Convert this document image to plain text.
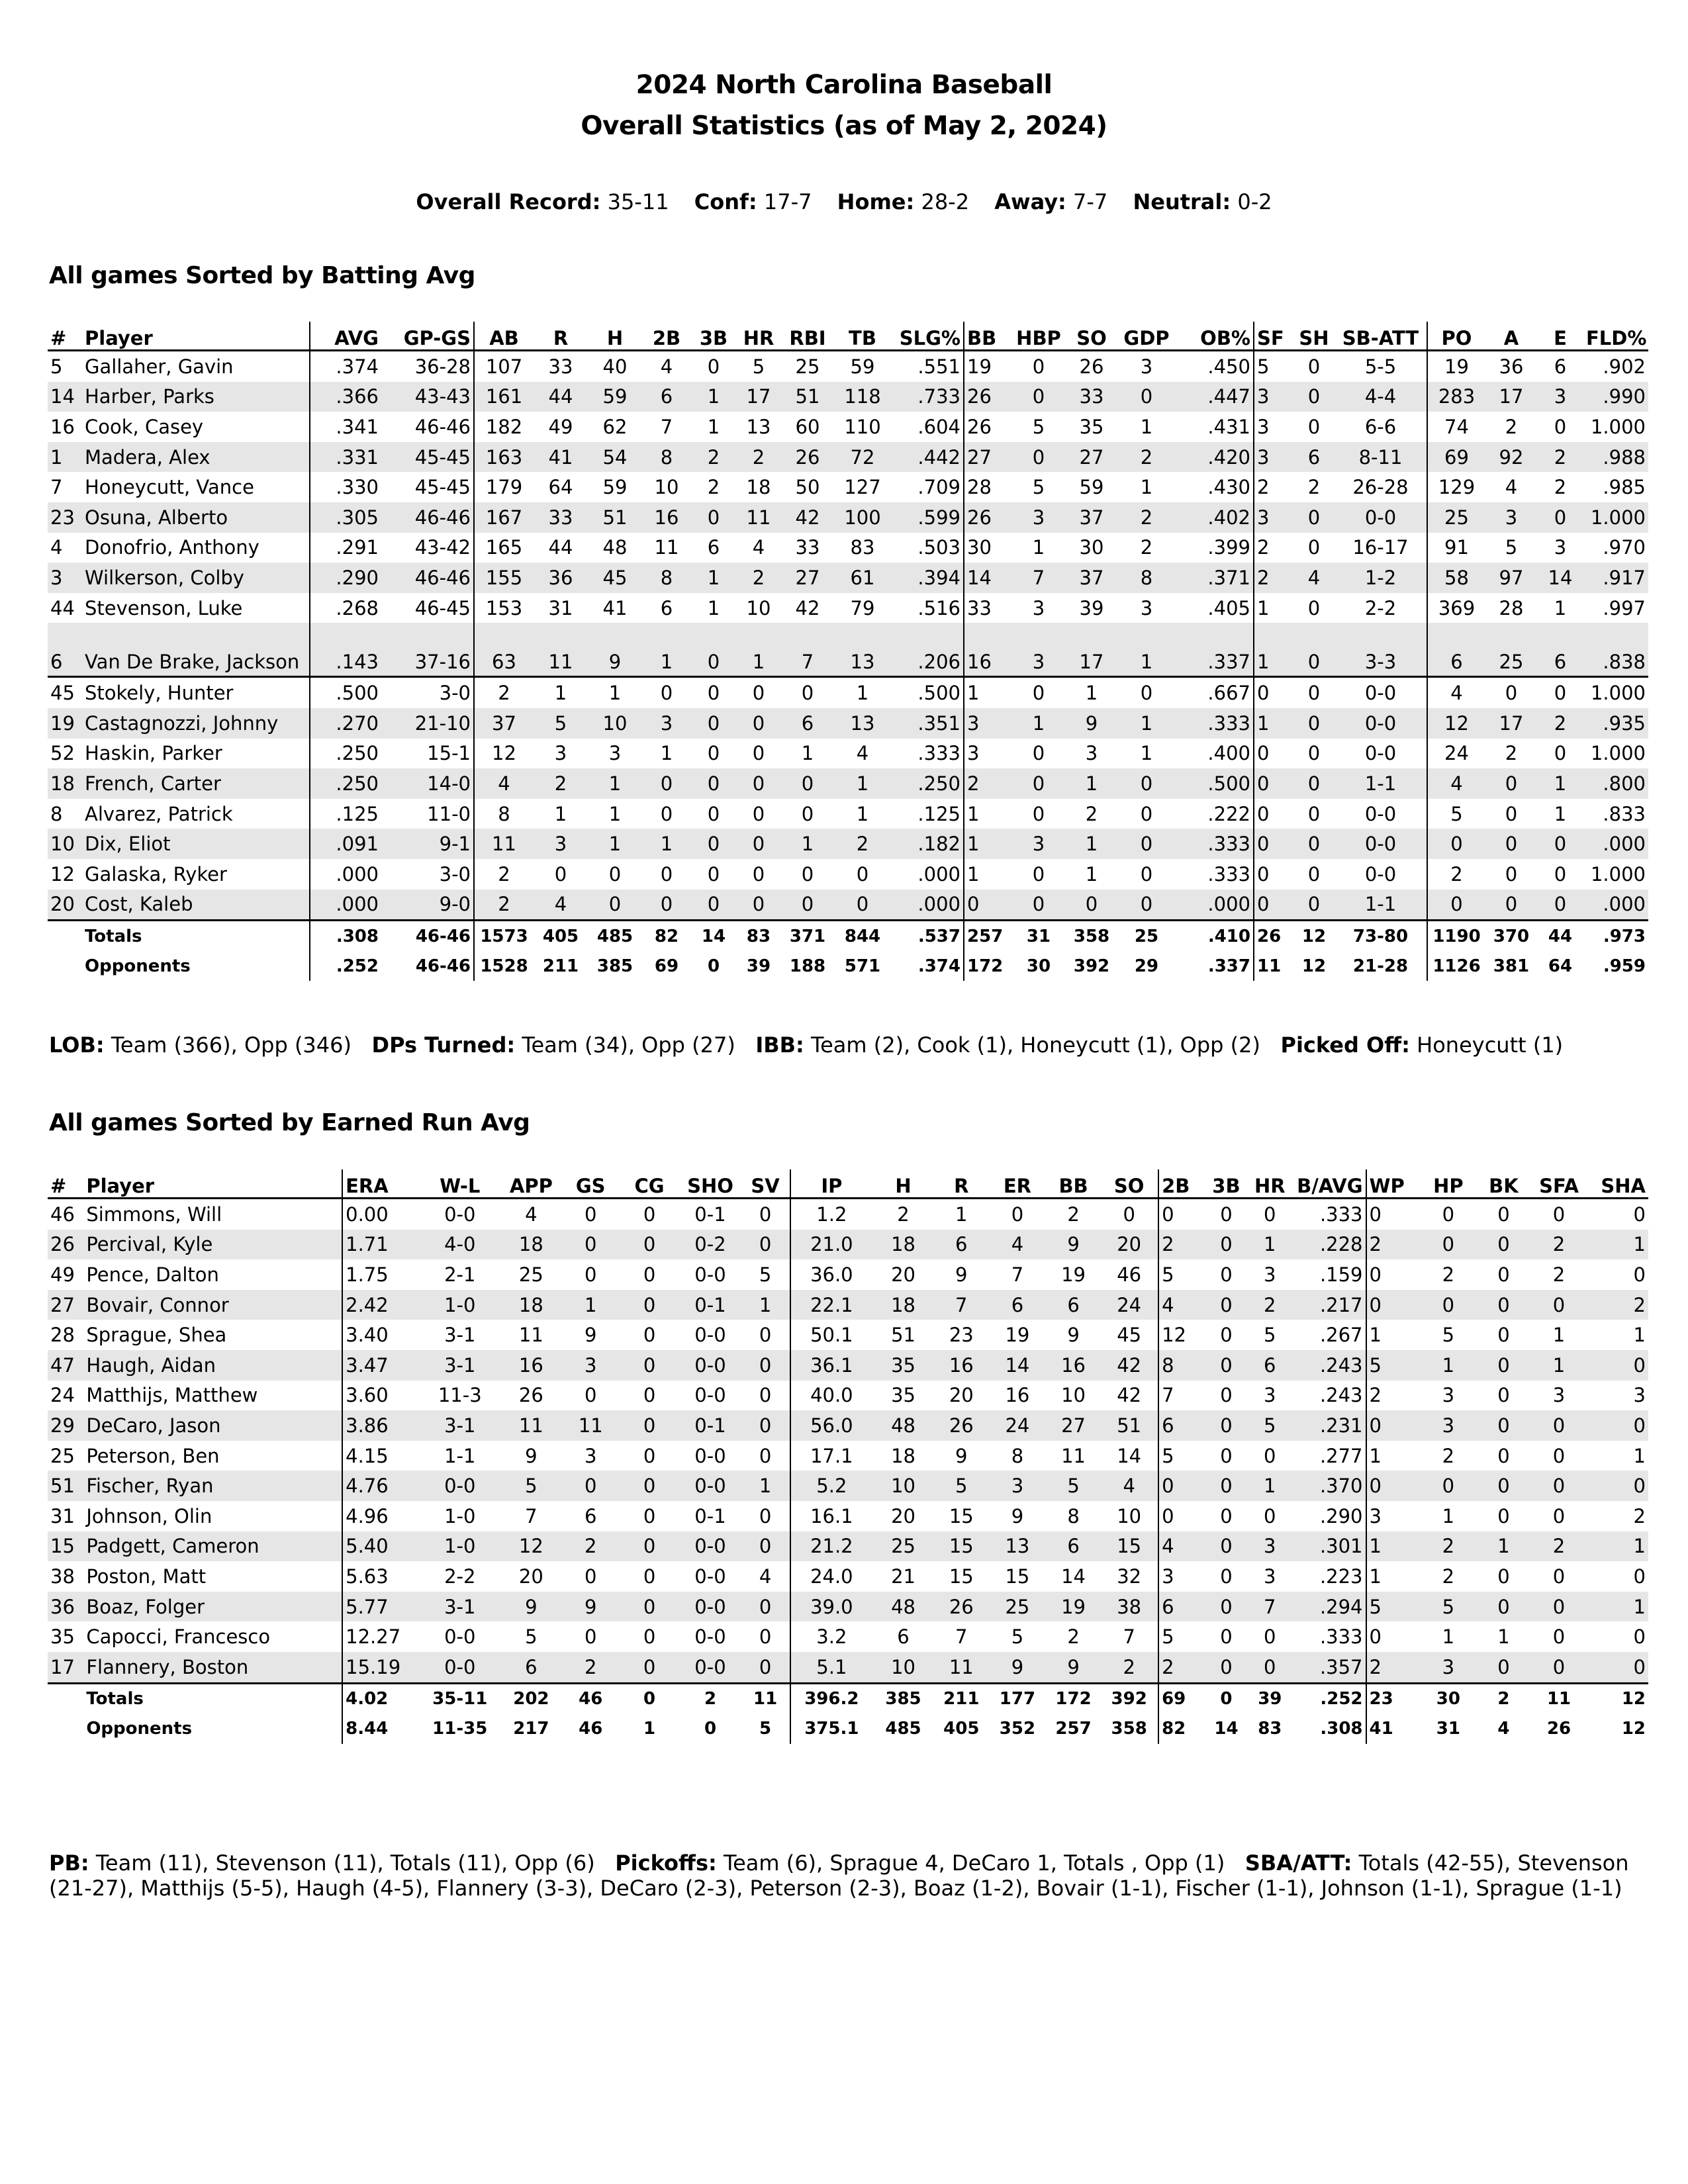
2024 North Carolina Baseball
Overall Statistics (as of May 2, 2024)
Overall Record: 35-11 Conf: 17-7 Home: 28-2 Away: 7-7 Neutral: 0-2
All games Sorted by Batting Avg
#	Player	AVG	GP-GS	AB	R	H	2B	3B	HR	RBI	TB	SLG%	BB	HBP	SO	GDP	OB%	SF	SH	SB-ATT	PO	A	E	FLD%
5	Gallaher, Gavin	.374	36-28	107	33	40	4	0	5	25	59	.551	19	0	26	3	.450	5	0	5-5	19	36	6	.902
14	Harber, Parks	.366	43-43	161	44	59	6	1	17	51	118	.733	26	0	33	0	.447	3	0	4-4	283	17	3	.990
16	Cook, Casey	.341	46-46	182	49	62	7	1	13	60	110	.604	26	5	35	1	.431	3	0	6-6	74	2	0	1.000
1	Madera, Alex	.331	45-45	163	41	54	8	2	2	26	72	.442	27	0	27	2	.420	3	6	8-11	69	92	2	.988
7	Honeycutt, Vance	.330	45-45	179	64	59	10	2	18	50	127	.709	28	5	59	1	.430	2	2	26-28	129	4	2	.985
23	Osuna, Alberto	.305	46-46	167	33	51	16	0	11	42	100	.599	26	3	37	2	.402	3	0	0-0	25	3	0	1.000
4	Donofrio, Anthony	.291	43-42	165	44	48	11	6	4	33	83	.503	30	1	30	2	.399	2	0	16-17	91	5	3	.970
3	Wilkerson, Colby	.290	46-46	155	36	45	8	1	2	27	61	.394	14	7	37	8	.371	2	4	1-2	58	97	14	.917
44	Stevenson, Luke	.268	46-45	153	31	41	6	1	10	42	79	.516	33	3	39	3	.405	1	0	2-2	369	28	1	.997
6	Van De Brake, Jackson	.143	37-16	63	11	9	1	0	1	7	13	.206	16	3	17	1	.337	1	0	3-3	6	25	6	.838
45	Stokely, Hunter	.500	3-0	2	1	1	0	0	0	0	1	.500	1	0	1	0	.667	0	0	0-0	4	0	0	1.000
19	Castagnozzi, Johnny	.270	21-10	37	5	10	3	0	0	6	13	.351	3	1	9	1	.333	1	0	0-0	12	17	2	.935
52	Haskin, Parker	.250	15-1	12	3	3	1	0	0	1	4	.333	3	0	3	1	.400	0	0	0-0	24	2	0	1.000
18	French, Carter	.250	14-0	4	2	1	0	0	0	0	1	.250	2	0	1	0	.500	0	0	1-1	4	0	1	.800
8	Alvarez, Patrick	.125	11-0	8	1	1	0	0	0	0	1	.125	1	0	2	0	.222	0	0	0-0	5	0	1	.833
10	Dix, Eliot	.091	9-1	11	3	1	1	0	0	1	2	.182	1	3	1	0	.333	0	0	0-0	0	0	0	.000
12	Galaska, Ryker	.000	3-0	2	0	0	0	0	0	0	0	.000	1	0	1	0	.333	0	0	0-0	2	0	0	1.000
20	Cost, Kaleb	.000	9-0	2	4	0	0	0	0	0	0	.000	0	0	0	0	.000	0	0	1-1	0	0	0	.000
	Totals	.308	46-46	1573	405	485	82	14	83	371	844	.537	257	31	358	25	.410	26	12	73-80	1190	370	44	.973
	Opponents	.252	46-46	1528	211	385	69	0	39	188	571	.374	172	30	392	29	.337	11	12	21-28	1126	381	64	.959
LOB: Team (366), Opp (346) DPs Turned: Team (34), Opp (27) IBB: Team (2), Cook (1), Honeycutt (1), Opp (2) Picked Off: Honeycutt (1)
All games Sorted by Earned Run Avg
#	Player	ERA	W-L	APP	GS	CG	SHO	SV	IP	H	R	ER	BB	SO	2B	3B	HR	B/AVG	WP	HP	BK	SFA	SHA
46	Simmons, Will	0.00	0-0	4	0	0	0-1	0	1.2	2	1	0	2	0	0	0	0	.333	0	0	0	0	0
26	Percival, Kyle	1.71	4-0	18	0	0	0-2	0	21.0	18	6	4	9	20	2	0	1	.228	2	0	0	2	1
49	Pence, Dalton	1.75	2-1	25	0	0	0-0	5	36.0	20	9	7	19	46	5	0	3	.159	0	2	0	2	0
27	Bovair, Connor	2.42	1-0	18	1	0	0-1	1	22.1	18	7	6	6	24	4	0	2	.217	0	0	0	0	2
28	Sprague, Shea	3.40	3-1	11	9	0	0-0	0	50.1	51	23	19	9	45	12	0	5	.267	1	5	0	1	1
47	Haugh, Aidan	3.47	3-1	16	3	0	0-0	0	36.1	35	16	14	16	42	8	0	6	.243	5	1	0	1	0
24	Matthijs, Matthew	3.60	11-3	26	0	0	0-0	0	40.0	35	20	16	10	42	7	0	3	.243	2	3	0	3	3
29	DeCaro, Jason	3.86	3-1	11	11	0	0-1	0	56.0	48	26	24	27	51	6	0	5	.231	0	3	0	0	0
25	Peterson, Ben	4.15	1-1	9	3	0	0-0	0	17.1	18	9	8	11	14	5	0	0	.277	1	2	0	0	1
51	Fischer, Ryan	4.76	0-0	5	0	0	0-0	1	5.2	10	5	3	5	4	0	0	1	.370	0	0	0	0	0
31	Johnson, Olin	4.96	1-0	7	6	0	0-1	0	16.1	20	15	9	8	10	0	0	0	.290	3	1	0	0	2
15	Padgett, Cameron	5.40	1-0	12	2	0	0-0	0	21.2	25	15	13	6	15	4	0	3	.301	1	2	1	2	1
38	Poston, Matt	5.63	2-2	20	0	0	0-0	4	24.0	21	15	15	14	32	3	0	3	.223	1	2	0	0	0
36	Boaz, Folger	5.77	3-1	9	9	0	0-0	0	39.0	48	26	25	19	38	6	0	7	.294	5	5	0	0	1
35	Capocci, Francesco	12.27	0-0	5	0	0	0-0	0	3.2	6	7	5	2	7	5	0	0	.333	0	1	1	0	0
17	Flannery, Boston	15.19	0-0	6	2	0	0-0	0	5.1	10	11	9	9	2	2	0	0	.357	2	3	0	0	0
	Totals	4.02	35-11	202	46	0	2	11	396.2	385	211	177	172	392	69	0	39	.252	23	30	2	11	12
	Opponents	8.44	11-35	217	46	1	0	5	375.1	485	405	352	257	358	82	14	83	.308	41	31	4	26	12
PB: Team (11), Stevenson (11), Totals (11), Opp (6) Pickoffs: Team (6), Sprague 4, DeCaro 1, Totals , Opp (1) SBA/ATT: Totals (42-55), Stevenson (21-27), Matthijs (5-5), Haugh (4-5), Flannery (3-3), DeCaro (2-3), Peterson (2-3), Boaz (1-2), Bovair (1-1), Fischer (1-1), Johnson (1-1), Sprague (1-1)
